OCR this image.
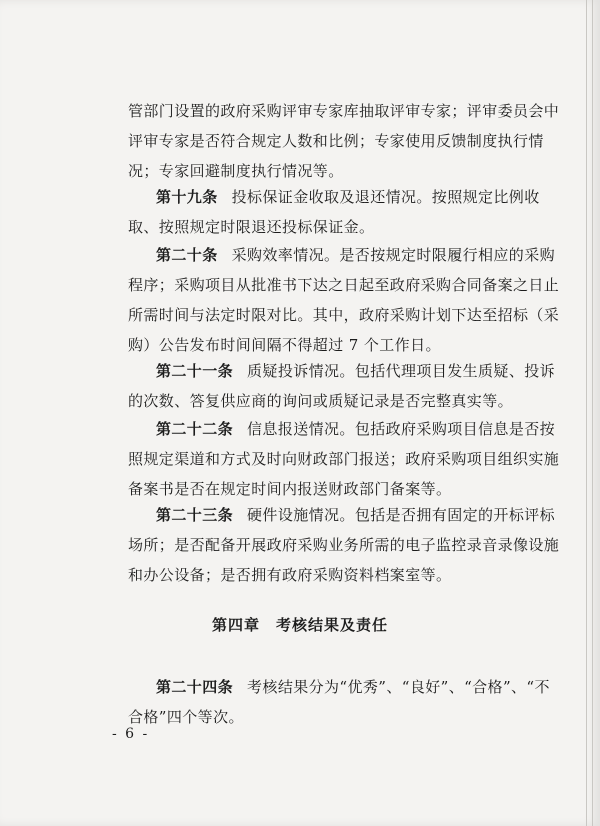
管部门设置的政府采购评审专家库抽取评审专家；评审委员会中
评审专家是否符合规定人数和比例；专家使用反馈制度执行情
况；专家回避制度执行情况等。
第十九条 投标保证金收取及退还情况。按照规定比例收
取、按照规定时限退还投标保证金。
第二十条 采购效率情况。是否按规定时限履行相应的采购
程序；采购项目从批准书下达之日起至政府采购合同备案之日止
所需时间与法定时限对比。其中，政府采购计划下达至招标（采
购）公告发布时间间隔不得超过 7 个工作日。
第二十一条 质疑投诉情况。包括代理项目发生质疑、投诉
的次数、答复供应商的询问或质疑记录是否完整真实等。
第二十二条 信息报送情况。包括政府采购项目信息是否按
照规定渠道和方式及时向财政部门报送；政府采购项目组织实施
备案书是否在规定时间内报送财政部门备案等。
第二十三条 硬件设施情况。包括是否拥有固定的开标评标
场所；是否配备开展政府采购业务所需的电子监控录音录像设施
和办公设备；是否拥有政府采购资料档案室等。
第四章　考核结果及责任
第二十四条 考核结果分为“优秀”、“良好”、“合格”、“不
合格”四个等次。
- 6 -
